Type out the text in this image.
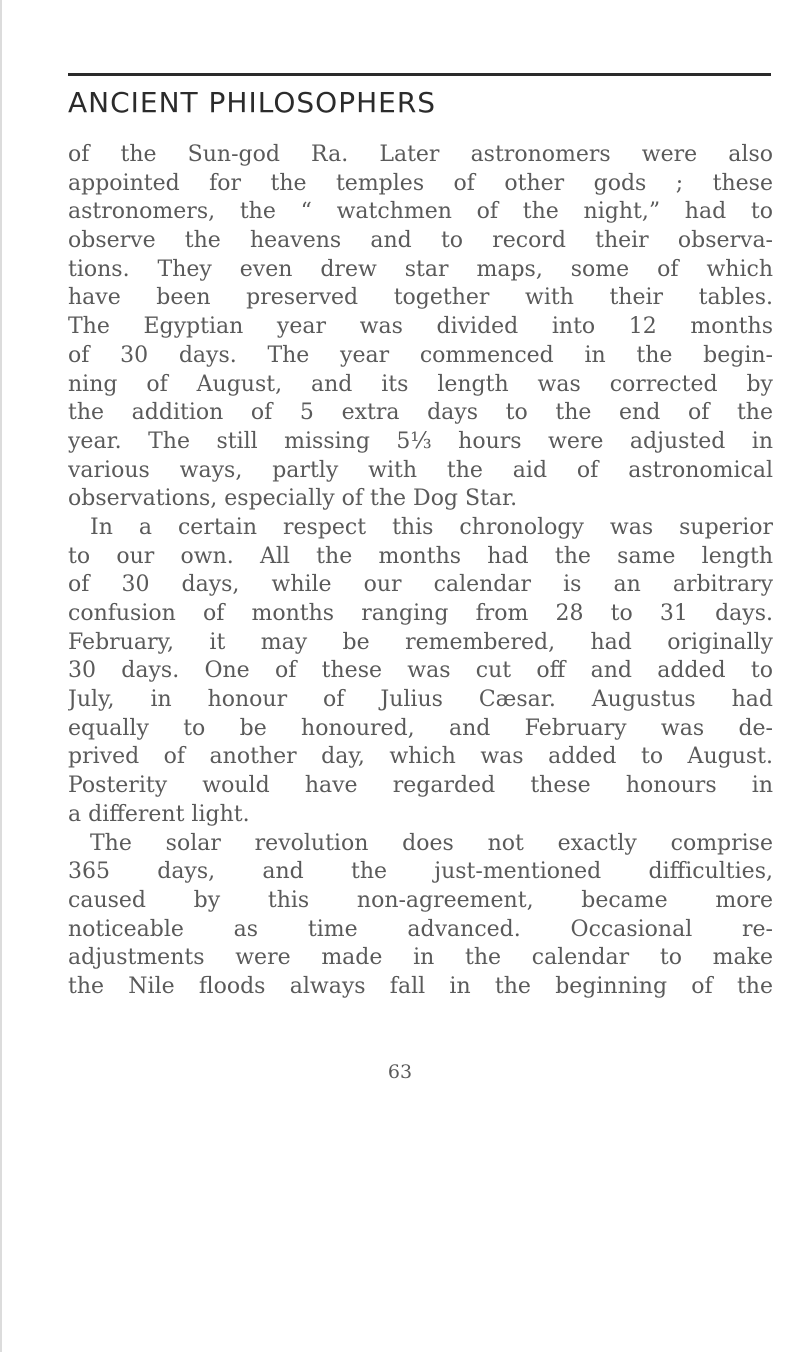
ANCIENT PHILOSOPHERS
of the Sun-god Ra. Later astronomers were also
appointed for the temples of other gods ; these
astronomers, the “ watchmen of the night,” had to
observe the heavens and to record their observa-
tions. They even drew star maps, some of which
have been preserved together with their tables.
The Egyptian year was divided into 12 months
of 30 days. The year commenced in the begin-
ning of August, and its length was corrected by
the addition of 5 extra days to the end of the
year. The still missing 5⅓ hours were adjusted in
various ways, partly with the aid of astronomical
observations, especially of the Dog Star.
In a certain respect this chronology was superior
to our own. All the months had the same length
of 30 days, while our calendar is an arbitrary
confusion of months ranging from 28 to 31 days.
February, it may be remembered, had originally
30 days. One of these was cut off and added to
July, in honour of Julius Cæsar. Augustus had
equally to be honoured, and February was de-
prived of another day, which was added to August.
Posterity would have regarded these honours in
a different light.
The solar revolution does not exactly comprise
365 days, and the just-mentioned difficulties,
caused by this non-agreement, became more
noticeable as time advanced. Occasional re-
adjustments were made in the calendar to make
the Nile floods always fall in the beginning of the
63
